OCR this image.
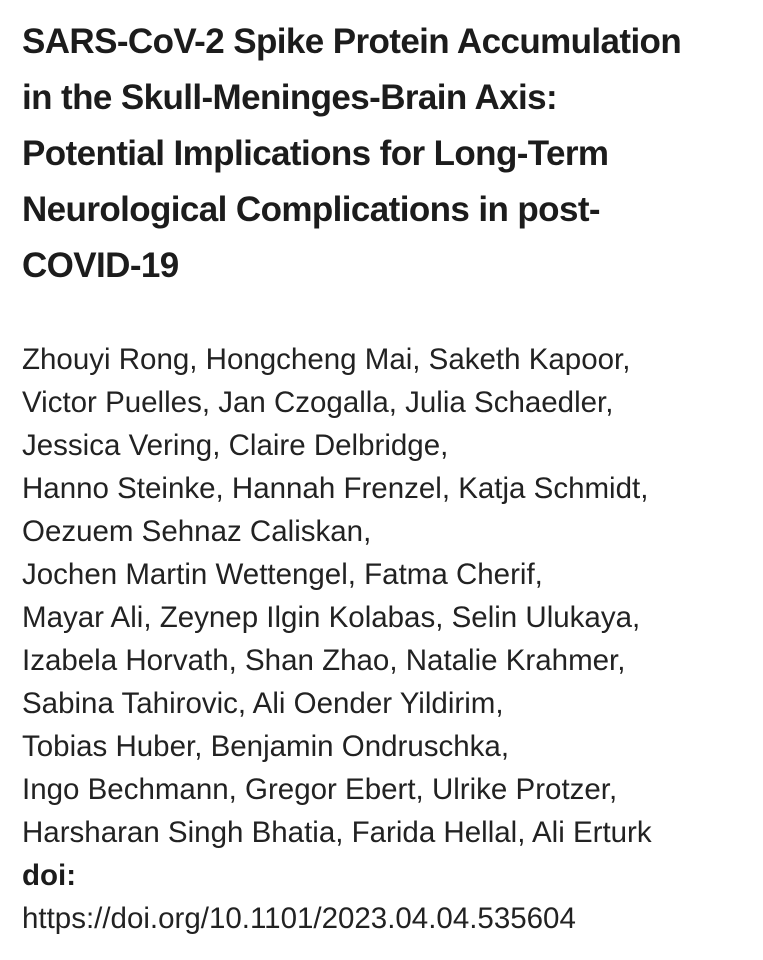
SARS-CoV-2 Spike Protein Accumulation
in the Skull-Meninges-Brain Axis:
Potential Implications for Long-Term
Neurological Complications in post-
COVID-19
Zhouyi Rong, Hongcheng Mai, Saketh Kapoor,
Victor Puelles, Jan Czogalla, Julia Schaedler,
Jessica Vering, Claire Delbridge,
Hanno Steinke, Hannah Frenzel, Katja Schmidt,
Oezuem Sehnaz Caliskan,
Jochen Martin Wettengel, Fatma Cherif,
Mayar Ali, Zeynep Ilgin Kolabas, Selin Ulukaya,
Izabela Horvath, Shan Zhao, Natalie Krahmer,
Sabina Tahirovic, Ali Oender Yildirim,
Tobias Huber, Benjamin Ondruschka,
Ingo Bechmann, Gregor Ebert, Ulrike Protzer,
Harsharan Singh Bhatia, Farida Hellal, Ali Erturk
doi:
https://doi.org/10.1101/2023.04.04.535604
